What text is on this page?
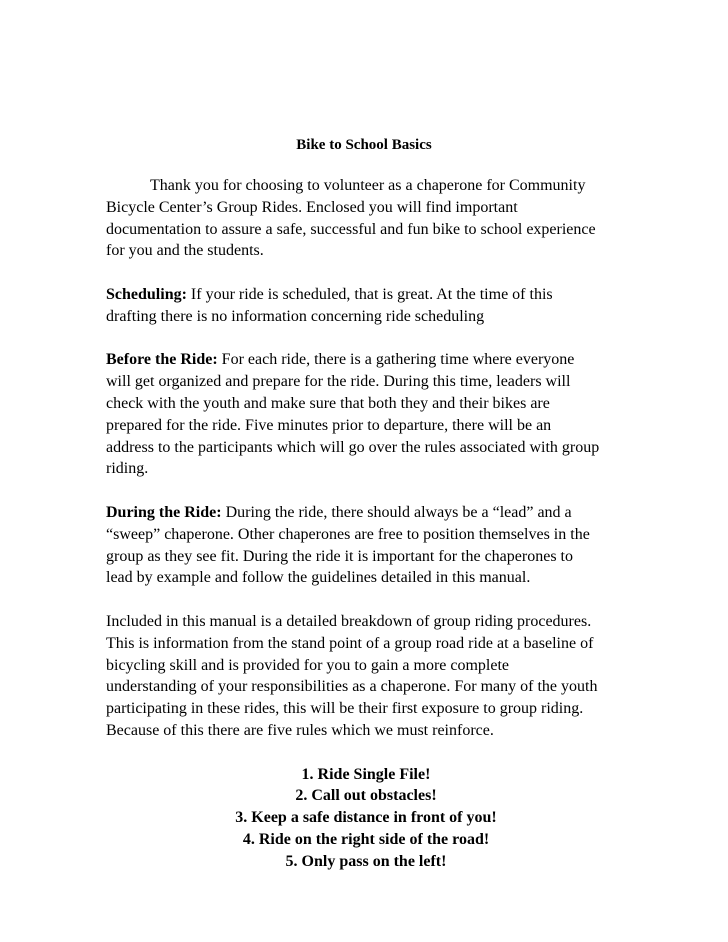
Bike to School Basics

Thank you for choosing to volunteer as a chaperone for Community
Bicycle Center’s Group Rides. Enclosed you will find important
documentation to assure a safe, successful and fun bike to school experience
for you and the students.

Scheduling: If your ride is scheduled, that is great. At the time of this
drafting there is no information concerning ride scheduling

Before the Ride: For each ride, there is a gathering time where everyone
will get organized and prepare for the ride. During this time, leaders will
check with the youth and make sure that both they and their bikes are
prepared for the ride. Five minutes prior to departure, there will be an
address to the participants which will go over the rules associated with group
riding.

During the Ride: During the ride, there should always be a “lead” and a
“sweep” chaperone. Other chaperones are free to position themselves in the
group as they see fit. During the ride it is important for the chaperones to
lead by example and follow the guidelines detailed in this manual.

Included in this manual is a detailed breakdown of group riding procedures.
This is information from the stand point of a group road ride at a baseline of
bicycling skill and is provided for you to gain a more complete
understanding of your responsibilities as a chaperone. For many of the youth
participating in these rides, this will be their first exposure to group riding.
Because of this there are five rules which we must reinforce.

1. Ride Single File!
2. Call out obstacles!
3. Keep a safe distance in front of you!
4. Ride on the right side of the road!
5. Only pass on the left!
